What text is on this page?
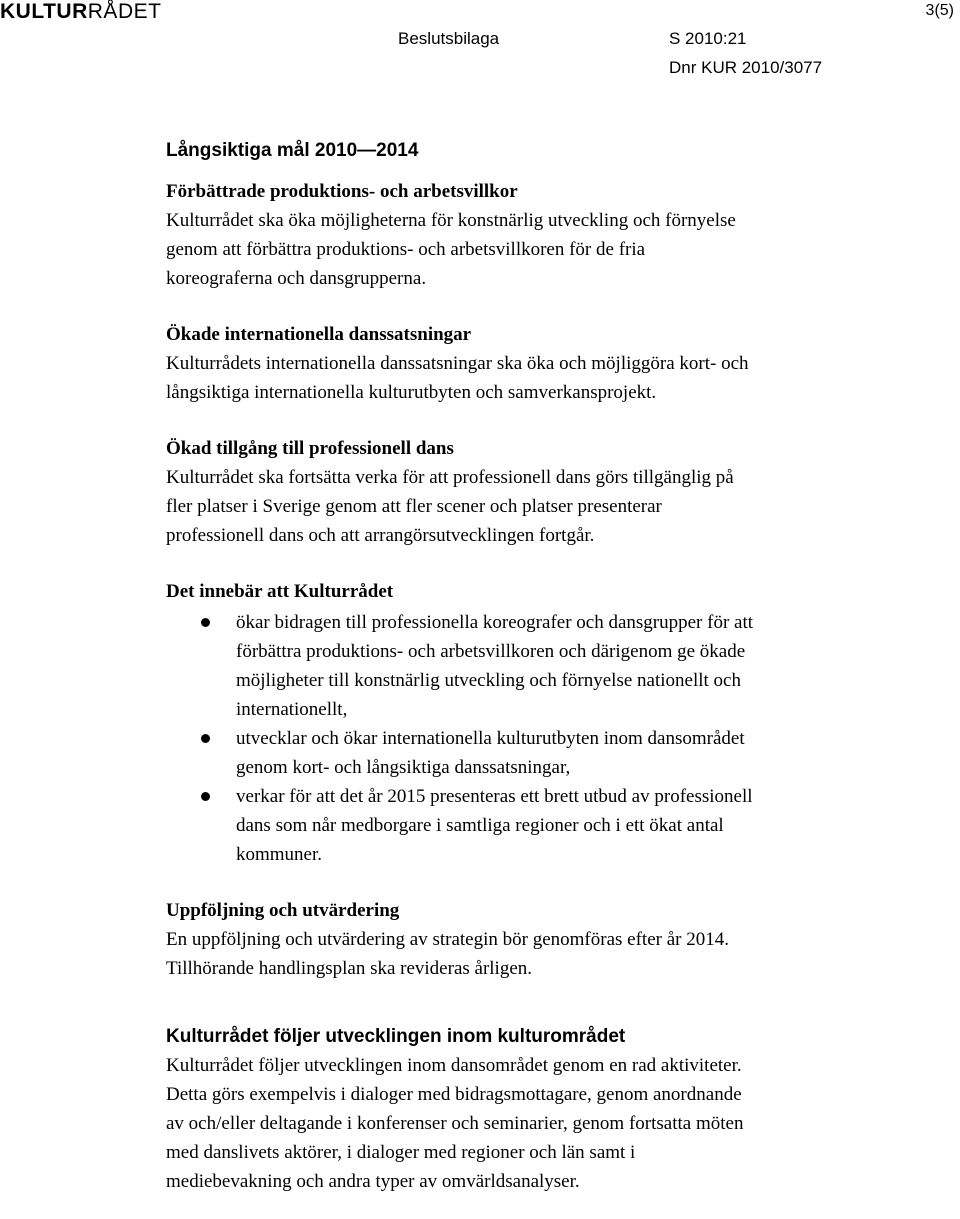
KULTURRÅDET	3(5)
Beslutsbilaga	S 2010:21
Dnr KUR 2010/3077
Långsiktiga mål 2010—2014
Förbättrade produktions- och arbetsvillkor

Kulturrådet ska öka möjligheterna för konstnärlig utveckling och förnyelse

genom att förbättra produktions- och arbetsvillkoren för de fria

koreograferna och dansgrupperna.

Ökade internationella danssatsningar

Kulturrådets internationella danssatsningar ska öka och möjliggöra kort- och

långsiktiga internationella kulturutbyten och samverkansprojekt.

Ökad tillgång till professionell dans

Kulturrådet ska fortsätta verka för att professionell dans görs tillgänglig på

fler platser i Sverige genom att fler scener och platser presenterar

professionell dans och att arrangörsutvecklingen fortgår.

Det innebär att Kulturrådet
ökar bidragen till professionella koreografer och dansgrupper för att
förbättra produktions- och arbetsvillkoren och därigenom ge ökade
möjligheter till konstnärlig utveckling och förnyelse nationellt och
internationellt,
utvecklar och ökar internationella kulturutbyten inom dansområdet
genom kort- och långsiktiga danssatsningar,
verkar för att det år 2015 presenteras ett brett utbud av professionell
dans som når medborgare i samtliga regioner och i ett ökat antal
kommuner.
Uppföljning och utvärdering

En uppföljning och utvärdering av strategin bör genomföras efter år 2014.

Tillhörande handlingsplan ska revideras årligen.

Kulturrådet följer utvecklingen inom kulturområdet

Kulturrådet följer utvecklingen inom dansområdet genom en rad aktiviteter.

Detta görs exempelvis i dialoger med bidragsmottagare, genom anordnande

av och/eller deltagande i konferenser och seminarier, genom fortsatta möten

med danslivets aktörer, i dialoger med regioner och län samt i

mediebevakning och andra typer av omvärldsanalyser.
